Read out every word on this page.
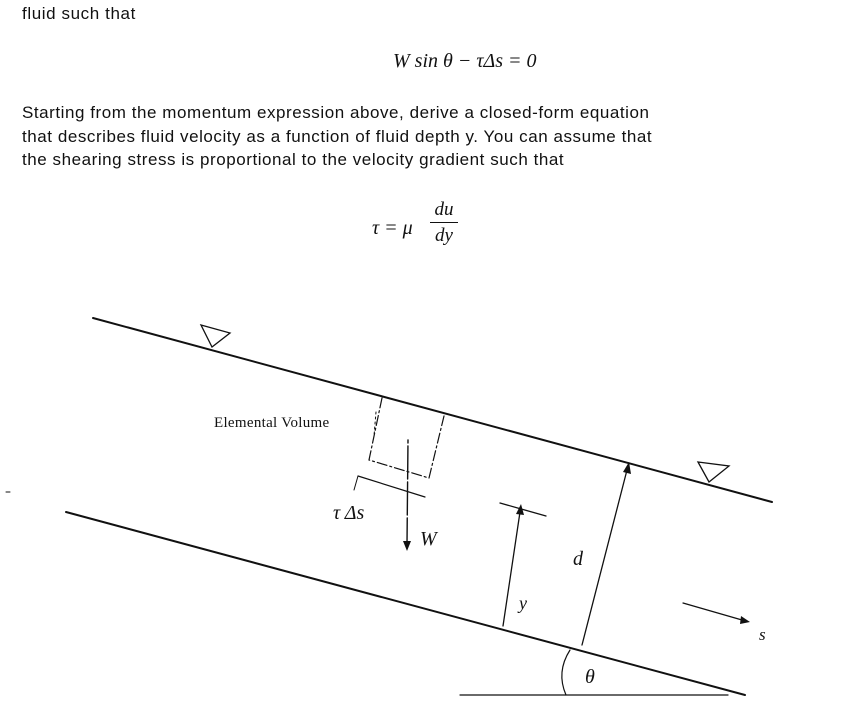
fluid such that
W sin θ − τΔs = 0
Starting from the momentum expression above, derive a closed-form equation
that describes fluid velocity as a function of fluid depth y. You can assume that
the shearing stress is proportional to the velocity gradient such that
τ = μ
du
dy
Elemental Volume
τ Δs
W
d
y
s
θ
